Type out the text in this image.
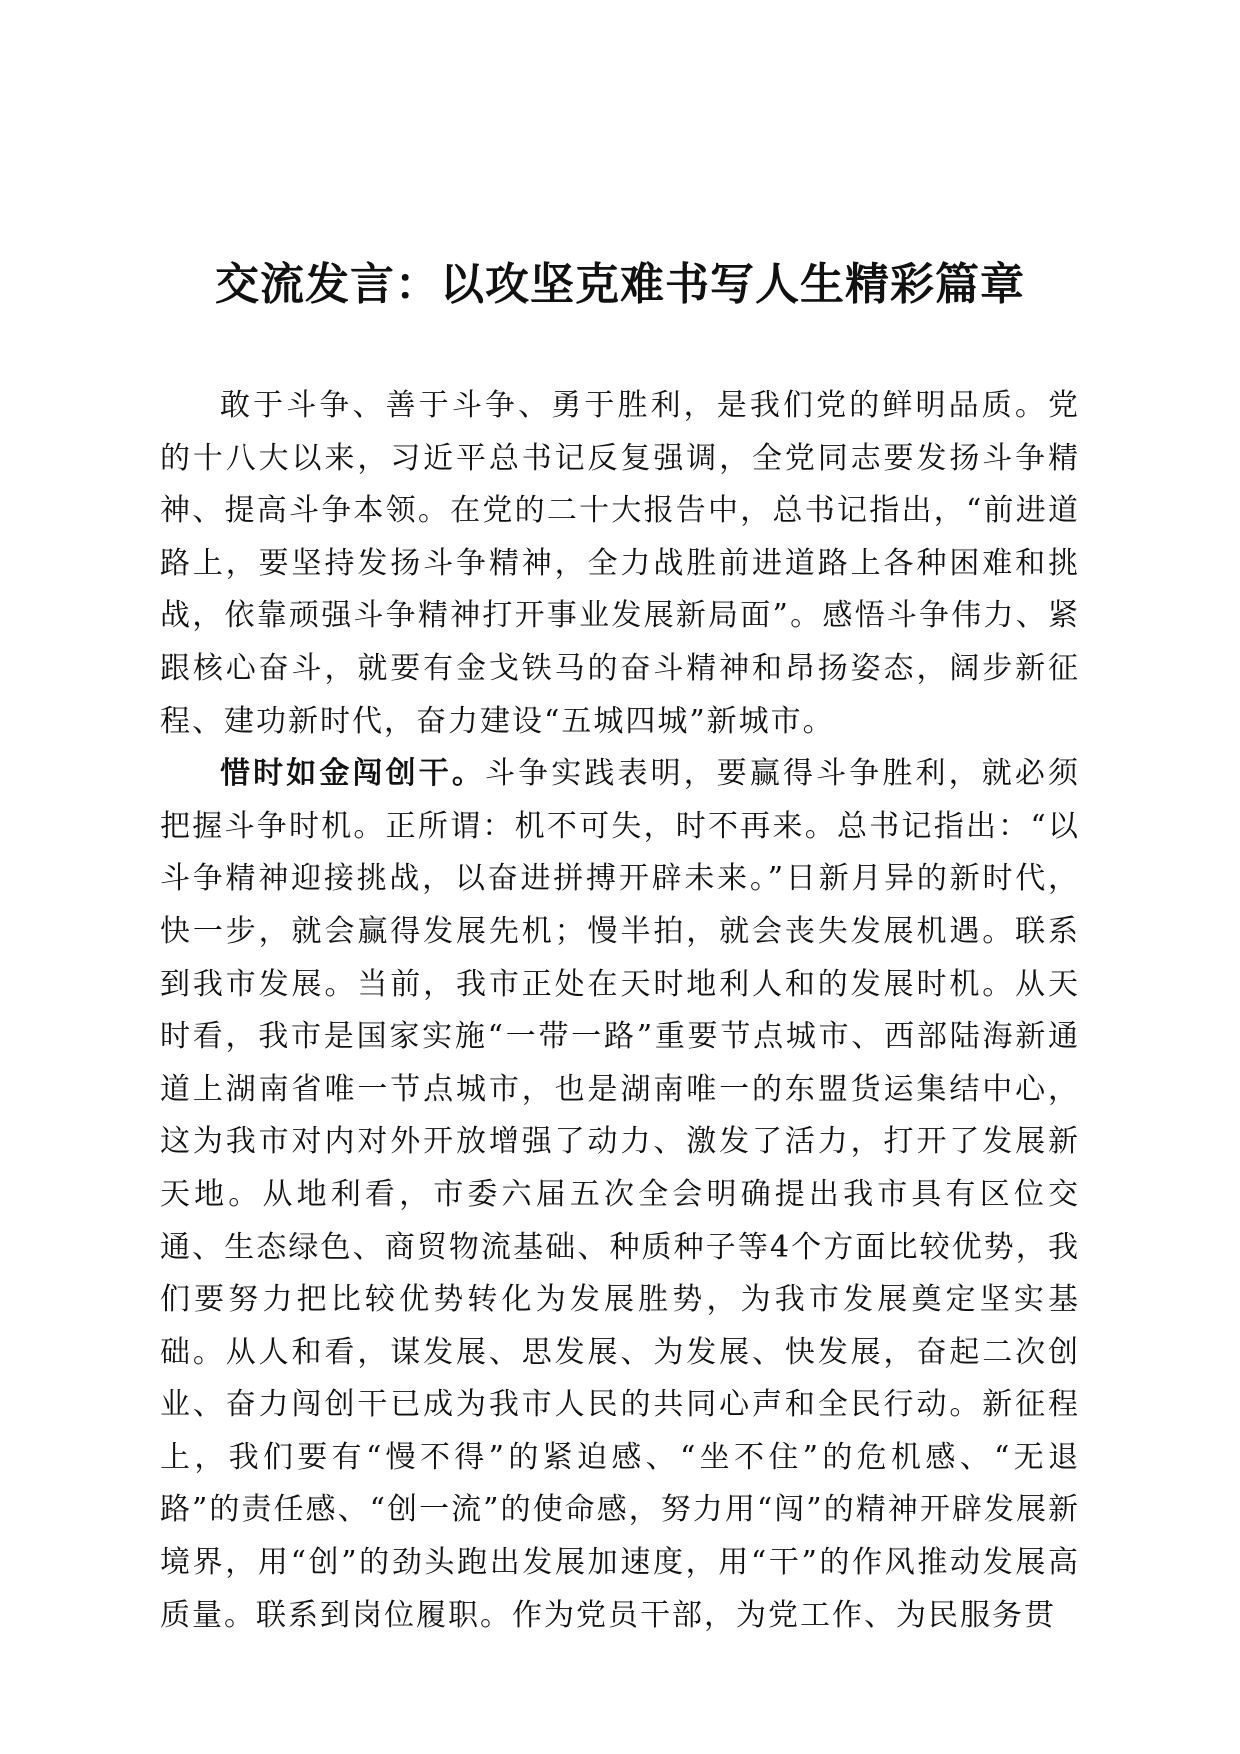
交流发言：以攻坚克难书写人生精彩篇章

敢于斗争、善于斗争、勇于胜利，是我们党的鲜明品质。党的十八大以来，习近平总书记反复强调，全党同志要发扬斗争精神、提高斗争本领。在党的二十大报告中，总书记指出，“前进道路上，要坚持发扬斗争精神，全力战胜前进道路上各种困难和挑战，依靠顽强斗争精神打开事业发展新局面”。感悟斗争伟力、紧跟核心奋斗，就要有金戈铁马的奋斗精神和昂扬姿态，阔步新征程、建功新时代，奋力建设“五城四城”新城市。

惜时如金闯创干。斗争实践表明，要赢得斗争胜利，就必须把握斗争时机。正所谓：机不可失，时不再来。总书记指出：“以斗争精神迎接挑战，以奋进拼搏开辟未来。”日新月异的新时代，快一步，就会赢得发展先机；慢半拍，就会丧失发展机遇。联系到我市发展。当前，我市正处在天时地利人和的发展时机。从天时看，我市是国家实施“一带一路”重要节点城市、西部陆海新通道上湖南省唯一节点城市，也是湖南唯一的东盟货运集结中心，这为我市对内对外开放增强了动力、激发了活力，打开了发展新天地。从地利看，市委六届五次全会明确提出我市具有区位交通、生态绿色、商贸物流基础、种质种子等4个方面比较优势，我们要努力把比较优势转化为发展胜势，为我市发展奠定坚实基础。从人和看，谋发展、思发展、为发展、快发展，奋起二次创业、奋力闯创干已成为我市人民的共同心声和全民行动。新征程上，我们要有“慢不得”的紧迫感、“坐不住”的危机感、“无退路”的责任感、“创一流”的使命感，努力用“闯”的精神开辟发展新境界，用“创”的劲头跑出发展加速度，用“干”的作风推动发展高质量。联系到岗位履职。作为党员干部，为党工作、为民服务贯
